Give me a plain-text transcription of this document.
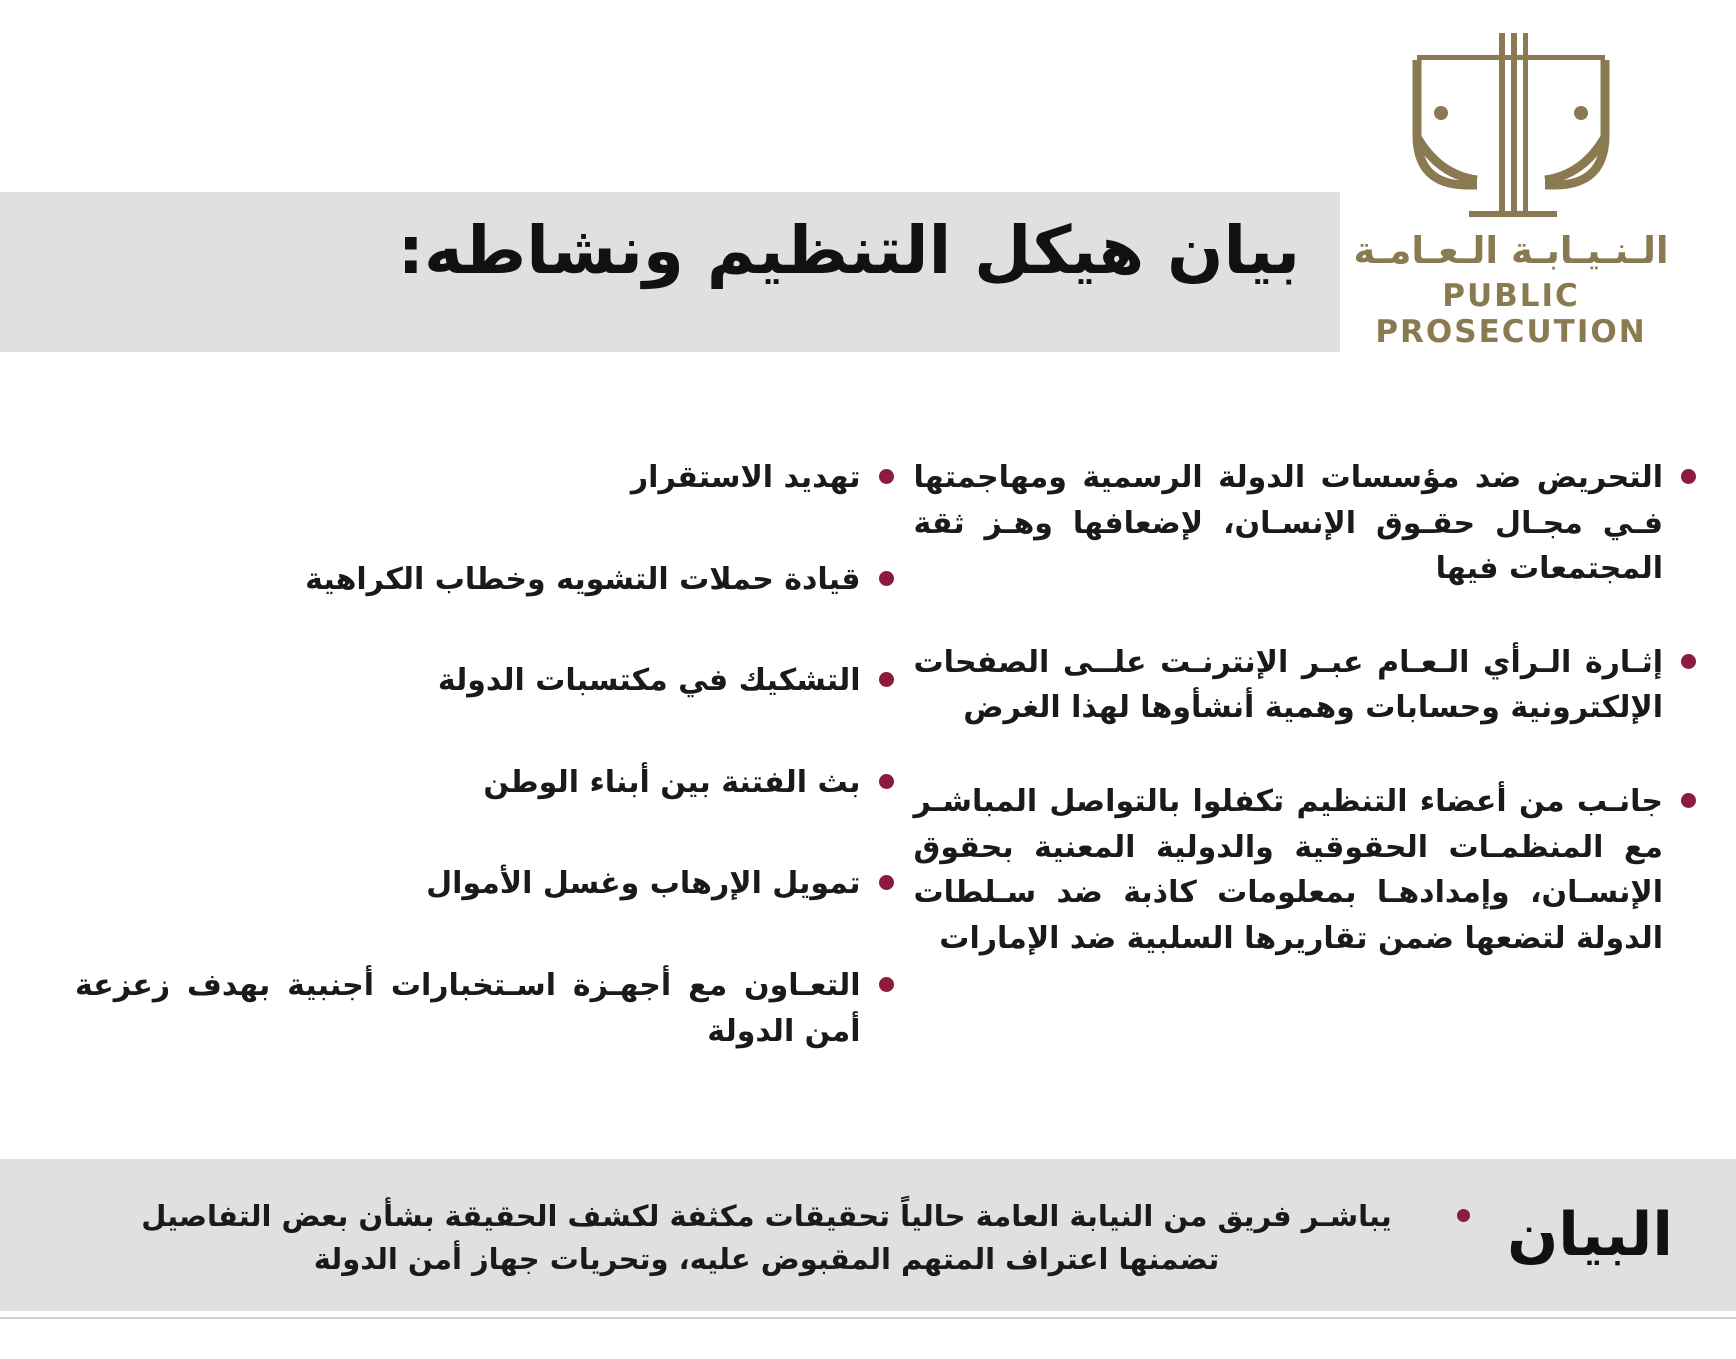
بيان هيكل التنظيم ونشاطه:	الـنـيـابـة الـعـامـة
PUBLIC PROSECUTION
التحريض ضد مؤسسات الدولة الرسمية ومهاجمتها فـي مجـال حقـوق الإنسـان، لإضعافها وهـز ثقة المجتمعات فيها
إثـارة الـرأي الـعـام عبـر الإنترنـت علــى الصفحات الإلكترونية وحسابات وهمية أنشأوها لهذا الغرض
جانـب من أعضاء التنظيم تكفلوا بالتواصل المباشـر مع المنظمـات الحقوقية والدولية المعنية بحقوق الإنسـان، وإمدادهـا بمعلومات كاذبة ضد سـلطات الدولة لتضعها ضمن تقاريرها السلبية ضد الإمارات
تهديد الاستقرار
قيادة حملات التشويه وخطاب الكراهية
التشكيك في مكتسبات الدولة
بث الفتنة بين أبناء الوطن
تمويل الإرهاب وغسل الأموال
التعـاون مع أجهـزة اسـتخبارات أجنبية بهدف زعزعة أمن الدولة
البيان
يباشـر فريق من النيابة العامة حالياً تحقيقات مكثفة لكشف الحقيقة بشأن بعض التفاصيل تضمنها اعتراف المتهم المقبوض عليه، وتحريات جهاز أمن الدولة
